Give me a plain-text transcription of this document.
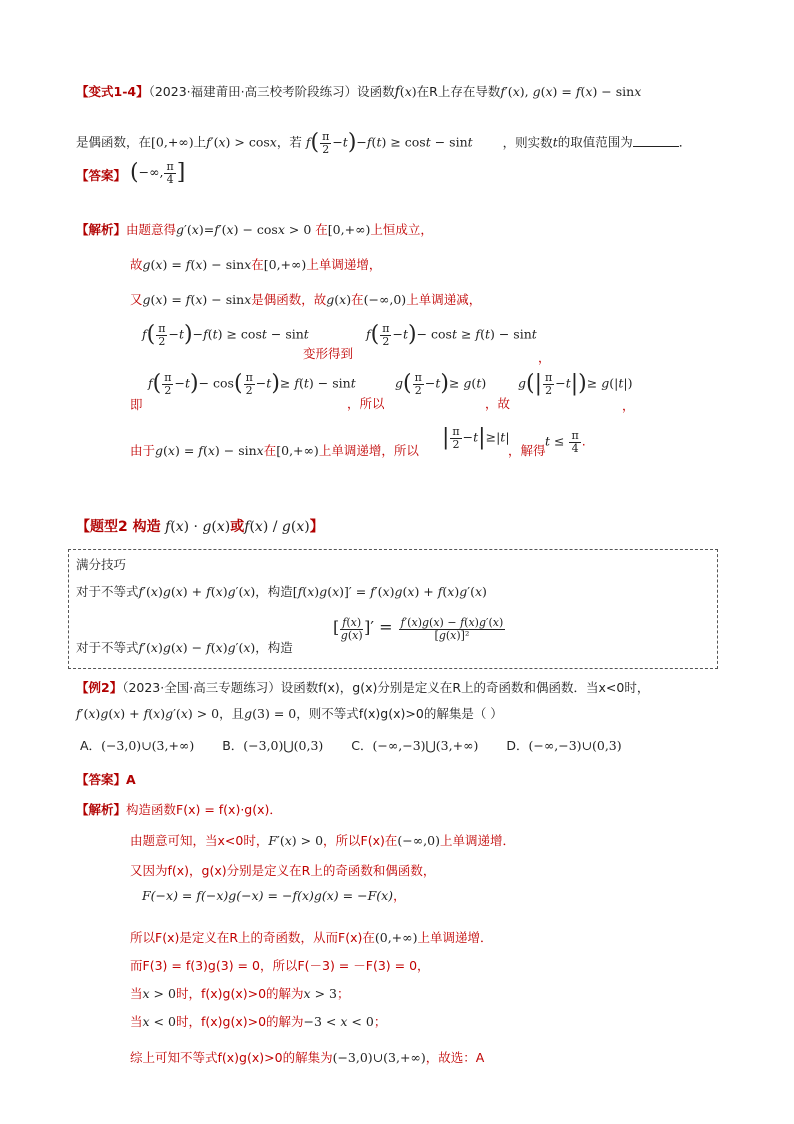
【变式1-4】（2023·福建莆田·高三校考阶段练习）设函数f(x)在R上存在导数f′(x), g(x) = f(x) − sinx
是偶函数，在[0,+∞)上f′(x) > cosx，若 $f( \frac{\pi}{2} -t)-f(t) \ge \cos t - \sin t$ ，则实数t的取值范围为	．
【答案】 (−∞, $\frac{\pi}{4}$ ]
【解析】由题意得g′(x)=f′(x) − cosx > 0 在[0,+∞)上恒成立，
故g(x) = f(x) − sinx在[0,+∞)上单调递增，
又g(x) = f(x) − sinx是偶函数，故g(x)在(−∞,0)上单调递减，
$f( \frac{\pi}{2} -t)-f(t) \ge \cos t - \sin t$
变形得到
$f( \frac{\pi}{2} -t)- \cos t \ge f(t) - \sin t$
，
即
$f( \frac{\pi}{2} -t)- \cos( \frac{\pi}{2} -t)\ge f(t) - \sin t$
，所以
$g( \frac{\pi}{2} -t)\ge g(t)$
，故
$g(| \frac{\pi}{2} -t|)\ge g(|t|)$
，
由于g(x) = f(x) − sinx在[0,+∞)上单调递增，所以
| $\frac{\pi}{2} -t|\ge|t|$
，解得
$t \le \frac{\pi}{4}$ .
【题型2 构造 f(x) · g(x)或f(x) / g(x)】
满分技巧
对于不等式f′(x)g(x) + f(x)g′(x)，构造[f(x)g(x)]′ = f′(x)g(x) + f(x)g′(x)
对于不等式f′(x)g(x) − f(x)g′(x)，构造
[ $\frac{f(x)}{g(x)}$ ]′ = $\frac{f'(x)g(x) - f(x)g'(x)}{\text{[g(x)]²}}$
【例2】（2023·全国·高三专题练习）设函数f(x)，g(x)分别是定义在R上的奇函数和偶函数．当x<0时，
f′(x)g(x) + f(x)g′(x) > 0，且g(3) = 0，则不等式f(x)g(x)>0的解集是（ ）
A．(−3,0)∪(3,+∞) B．(−3,0)⋃(0,3) C．(−∞,−3)⋃(3,+∞) D．(−∞,−3)∪(0,3)
【答案】A
【解析】构造函数F(x) = f(x)·g(x)．
由题意可知，当x<0时，F′(x) > 0，所以F(x)在(−∞,0)上单调递增．
又因为f(x)，g(x)分别是定义在R上的奇函数和偶函数，
F(−x) = f(−x)g(−x) = −f(x)g(x) = −F(x)，
所以F(x)是定义在R上的奇函数，从而F(x)在(0,+∞)上单调递增．
而F(3) = f(3)g(3) = 0，所以F(－3) = －F(3) = 0，
当x > 0时，f(x)g(x)>0的解为x > 3；
当x < 0时，f(x)g(x)>0的解为−3 < x < 0；
综上可知不等式f(x)g(x)>0的解集为(−3,0)∪(3,+∞)，故选：A
